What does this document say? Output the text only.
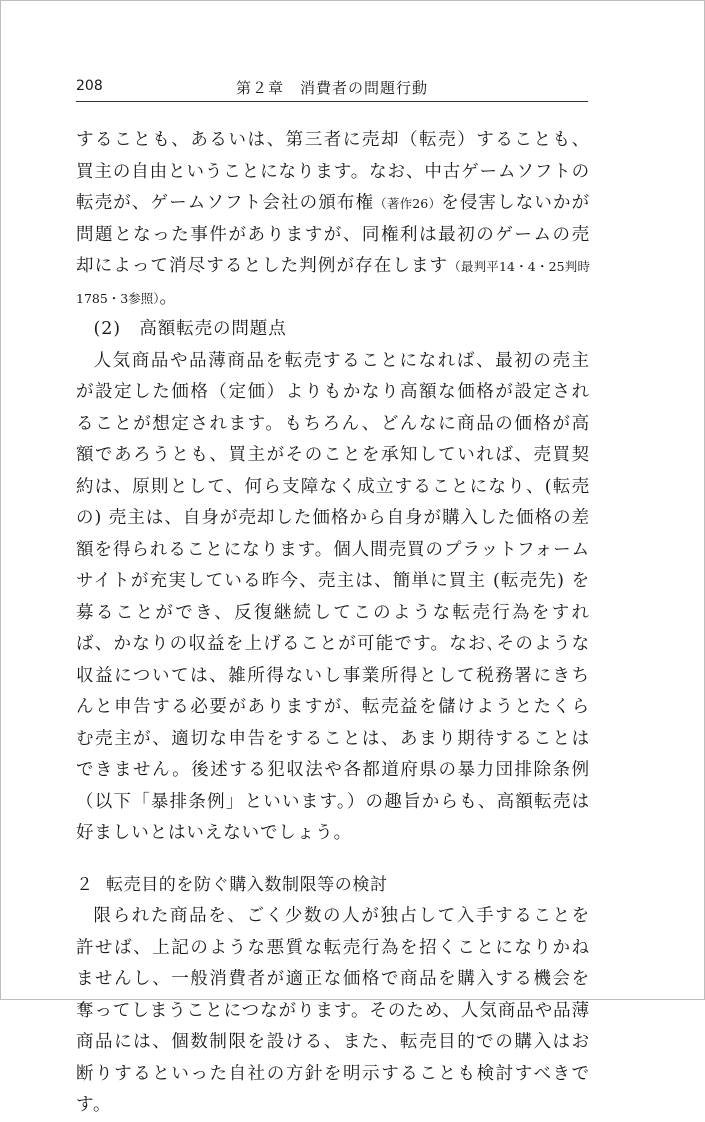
208	第２章　消費者の問題行動

することも、あるいは、第三者に売却（転売）することも、買主の自由ということになります。なお、中古ゲームソフトの転売が、ゲームソフト会社の頒布権（著作26）を侵害しないかが問題となった事件がありますが、同権利は最初のゲームの売却によって消尽するとした判例が存在します（最判平14・4・25判時1785・3参照）。

(2)　高額転売の問題点

人気商品や品薄商品を転売することになれば、最初の売主が設定した価格（定価）よりもかなり高額な価格が設定されることが想定されます。もちろん、どんなに商品の価格が高額であろうとも、買主がそのことを承知していれば、売買契約は、原則として、何ら支障なく成立することになり、(転売の) 売主は、自身が売却した価格から自身が購入した価格の差額を得られることになります。個人間売買のプラットフォームサイトが充実している昨今、売主は、簡単に買主 (転売先) を募ることができ、反復継続してこのような転売行為をすれば、かなりの収益を上げることが可能です。なお､そのような収益については、雑所得ないし事業所得として税務署にきちんと申告する必要がありますが、転売益を儲けようとたくらむ売主が、適切な申告をすることは、あまり期待することはできません。後述する犯収法や各都道府県の暴力団排除条例（以下「暴排条例」といいます。）の趣旨からも、高額転売は好ましいとはいえないでしょう。

２ 転売目的を防ぐ購入数制限等の検討

限られた商品を、ごく少数の人が独占して入手することを許せば、上記のような悪質な転売行為を招くことになりかねませんし、一般消費者が適正な価格で商品を購入する機会を奪ってしまうことにつながります。そのため、人気商品や品薄商品には、個数制限を設ける、また、転売目的での購入はお断りするといった自社の方針を明示することも検討すべきです。
